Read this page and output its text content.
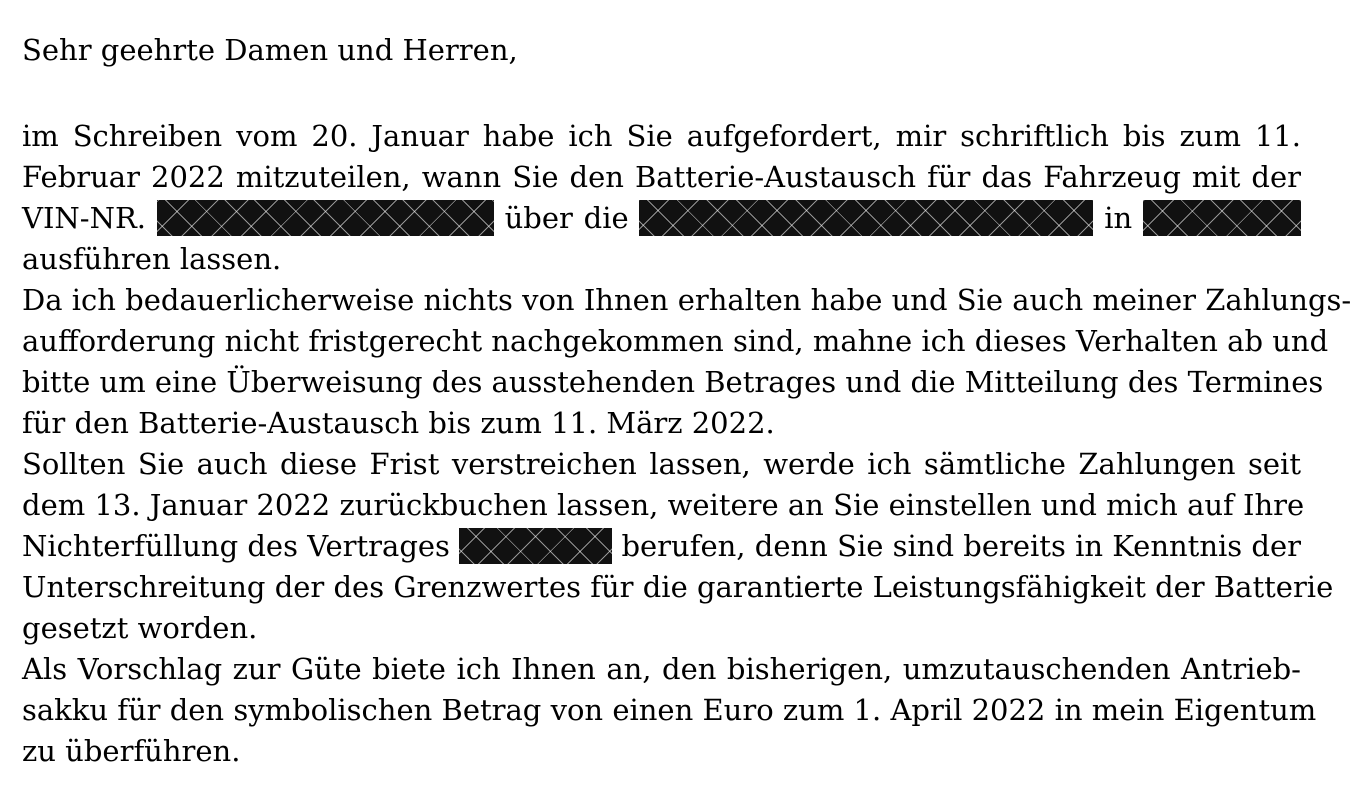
Sehr geehrte Damen und Herren,
im Schreiben vom 20. Januar habe ich Sie aufgefordert, mir schriftlich bis zum 11.
Februar 2022 mitzuteilen, wann Sie den Batterie-Austausch für das Fahrzeug mit der
VIN-NR.	über die	in
ausführen lassen.
Da ich bedauerlicherweise nichts von Ihnen erhalten habe und Sie auch meiner Zahlungs-
aufforderung nicht fristgerecht nachgekommen sind, mahne ich dieses Verhalten ab und
bitte um eine Überweisung des ausstehenden Betrages und die Mitteilung des Termines
für den Batterie-Austausch bis zum 11. März 2022.
Sollten Sie auch diese Frist verstreichen lassen, werde ich sämtliche Zahlungen seit
dem 13. Januar 2022 zurückbuchen lassen, weitere an Sie einstellen und mich auf Ihre
Nichterfüllung des Vertrages	berufen, denn Sie sind bereits in Kenntnis der
Unterschreitung der des Grenzwertes für die garantierte Leistungsfähigkeit der Batterie
gesetzt worden.
Als Vorschlag zur Güte biete ich Ihnen an, den bisherigen, umzutauschenden Antrieb-
sakku für den symbolischen Betrag von einen Euro zum 1. April 2022 in mein Eigentum
zu überführen.
